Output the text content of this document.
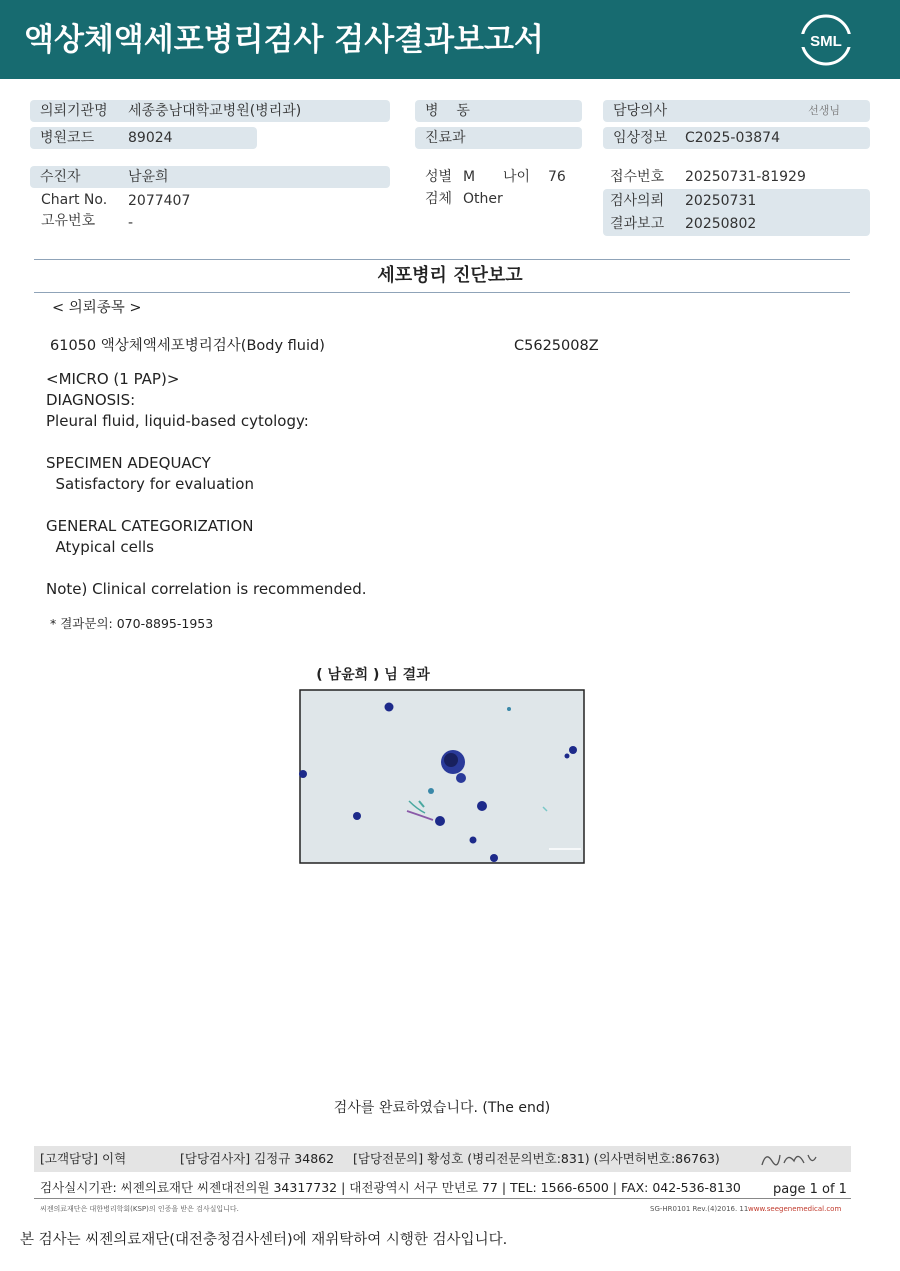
액상체액세포병리검사 검사결과보고서	SML
의뢰기관명 세종충남대학교병원(병리과)	병    동	담당의사	선생님
병원코드 89024	진료과	임상정보 C2025-03874
수진자	남윤희
Chart No. 2077407
고유번호 -
성별 M 나이 76
검체 Other
접수번호 20250731-81929
검사의뢰 20250731
결과보고 20250802
세포병리 진단보고
< 의뢰종목 >
61050 액상체액세포병리검사(Body fluid)	C5625008Z
<MICRO (1 PAP)>
DIAGNOSIS:
Pleural fluid, liquid-based cytology:
SPECIMEN ADEQUACY
Satisfactory for evaluation
GENERAL CATEGORIZATION
Atypical cells
Note) Clinical correlation is recommended.
* 결과문의: 070-8895-1953
( 남윤희 ) 님 결과
검사를 완료하였습니다. (The end)
[고객담당] 이혁	[담당검사자] 김정규 34862 [담당전문의] 황성호 (병리전문의번호:831) (의사면허번호:86763)
검사실시기관: 씨젠의료재단 씨젠대전의원 34317732 | 대전광역시 서구 만년로 77 | TEL: 1566-6500 | FAX: 042-536-8130 page 1 of 1
씨젠의료재단은 대한병리학회(KSP)의 인증을 받은 검사실입니다.	SG-HR0101 Rev.(4)2016. 11 www.seegenemedical.com
본 검사는 씨젠의료재단(대전충청검사센터)에 재위탁하여 시행한 검사입니다.
